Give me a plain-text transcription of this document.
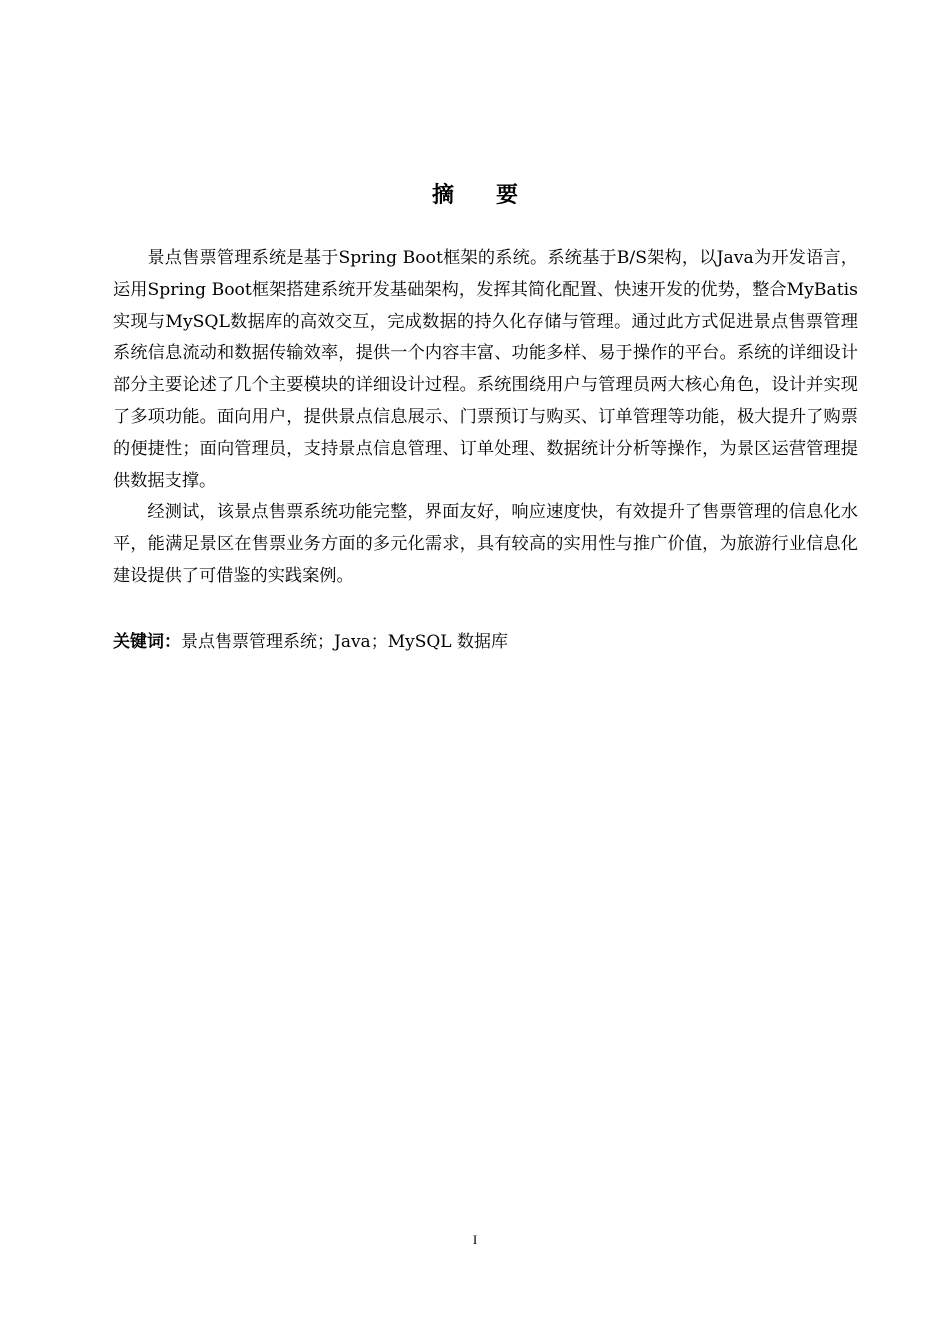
摘 要

景点售票管理系统是基于Spring Boot框架的系统。系统基于B/S架构，以Java为开发语言，运用Spring Boot框架搭建系统开发基础架构，发挥其简化配置、快速开发的优势，整合MyBatis实现与MySQL数据库的高效交互，完成数据的持久化存储与管理。通过此方式促进景点售票管理系统信息流动和数据传输效率，提供一个内容丰富、功能多样、易于操作的平台。系统的详细设计部分主要论述了几个主要模块的详细设计过程。系统围绕用户与管理员两大核心角色，设计并实现了多项功能。面向用户，提供景点信息展示、门票预订与购买、订单管理等功能，极大提升了购票的便捷性；面向管理员，支持景点信息管理、订单处理、数据统计分析等操作，为景区运营管理提供数据支撑。

经测试，该景点售票系统功能完整，界面友好，响应速度快，有效提升了售票管理的信息化水平，能满足景区在售票业务方面的多元化需求，具有较高的实用性与推广价值，为旅游行业信息化建设提供了可借鉴的实践案例。

关键词：景点售票管理系统；Java；MySQL 数据库
I
